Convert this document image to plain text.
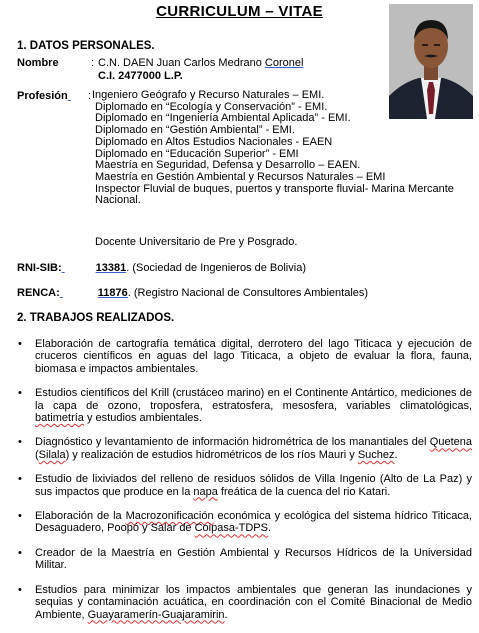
CURRICULUM – VITAE
1. DATOS PERSONALES.
Nombre	: C.N. DAEN Juan Carlos Medrano Coronel
C.I. 2477000 L.P.
Profesión	: Ingeniero Geógrafo y Recurso Naturales – EMI.
Diplomado en “Ecología y Conservación” - EMI.
Diplomado en “Ingeniería Ambiental Aplicada” - EMI.
Diplomado en “Gestión Ambiental” - EMI.
Diplomado en Altos Estudios Nacionales - EAEN
Diplomado en “Educación Superior” - EMI
Maestría en Seguridad, Defensa y Desarrollo – EAEN.
Maestría en Gestión Ambiental y Recursos Naturales – EMI
Inspector Fluvial de buques, puertos y transporte fluvial- Marina Mercante
Nacional.
Docente Universitario de Pre y Posgrado.
RNI-SIB:	13381. (Sociedad de Ingenieros de Bolivia)
RENCA:	11876. (Registro Nacional de Consultores Ambientales)
2. TRABAJOS REALIZADOS.
• Elaboración de cartografía temática digital, derrotero del lago Titicaca y ejecución de cruceros científicos en aguas del lago Titicaca, a objeto de evaluar la flora, fauna, biomasa e impactos ambientales.
• Estudios científicos del Krill (crustáceo marino) en el Continente Antártico, mediciones de la capa de ozono, troposfera, estratosfera, mesosfera, variables climatológicas, batimetría y estudios ambientales.
• Diagnóstico y levantamiento de información hidrométrica de los manantiales del Quetena (Silala) y realización de estudios hidrométricos de los ríos Mauri y Suchez.
• Estudio de lixiviados del relleno de residuos sólidos de Villa Ingenio (Alto de La Paz) y sus impactos que produce en la napa freática de la cuenca del rio Katari.
• Elaboración de la Macrozonificación económica y ecológica del sistema hídrico Titicaca, Desaguadero, Poopó y Salar de Coipasa-TDPS.
• Creador de la Maestría en Gestión Ambiental y Recursos Hídricos de la Universidad Militar.
• Estudios para minimizar los impactos ambientales que generan las inundaciones y sequias y contaminación acuática, en coordinación con el Comité Binacional de Medio Ambiente, Guayaramerín-Guajaramirin.
